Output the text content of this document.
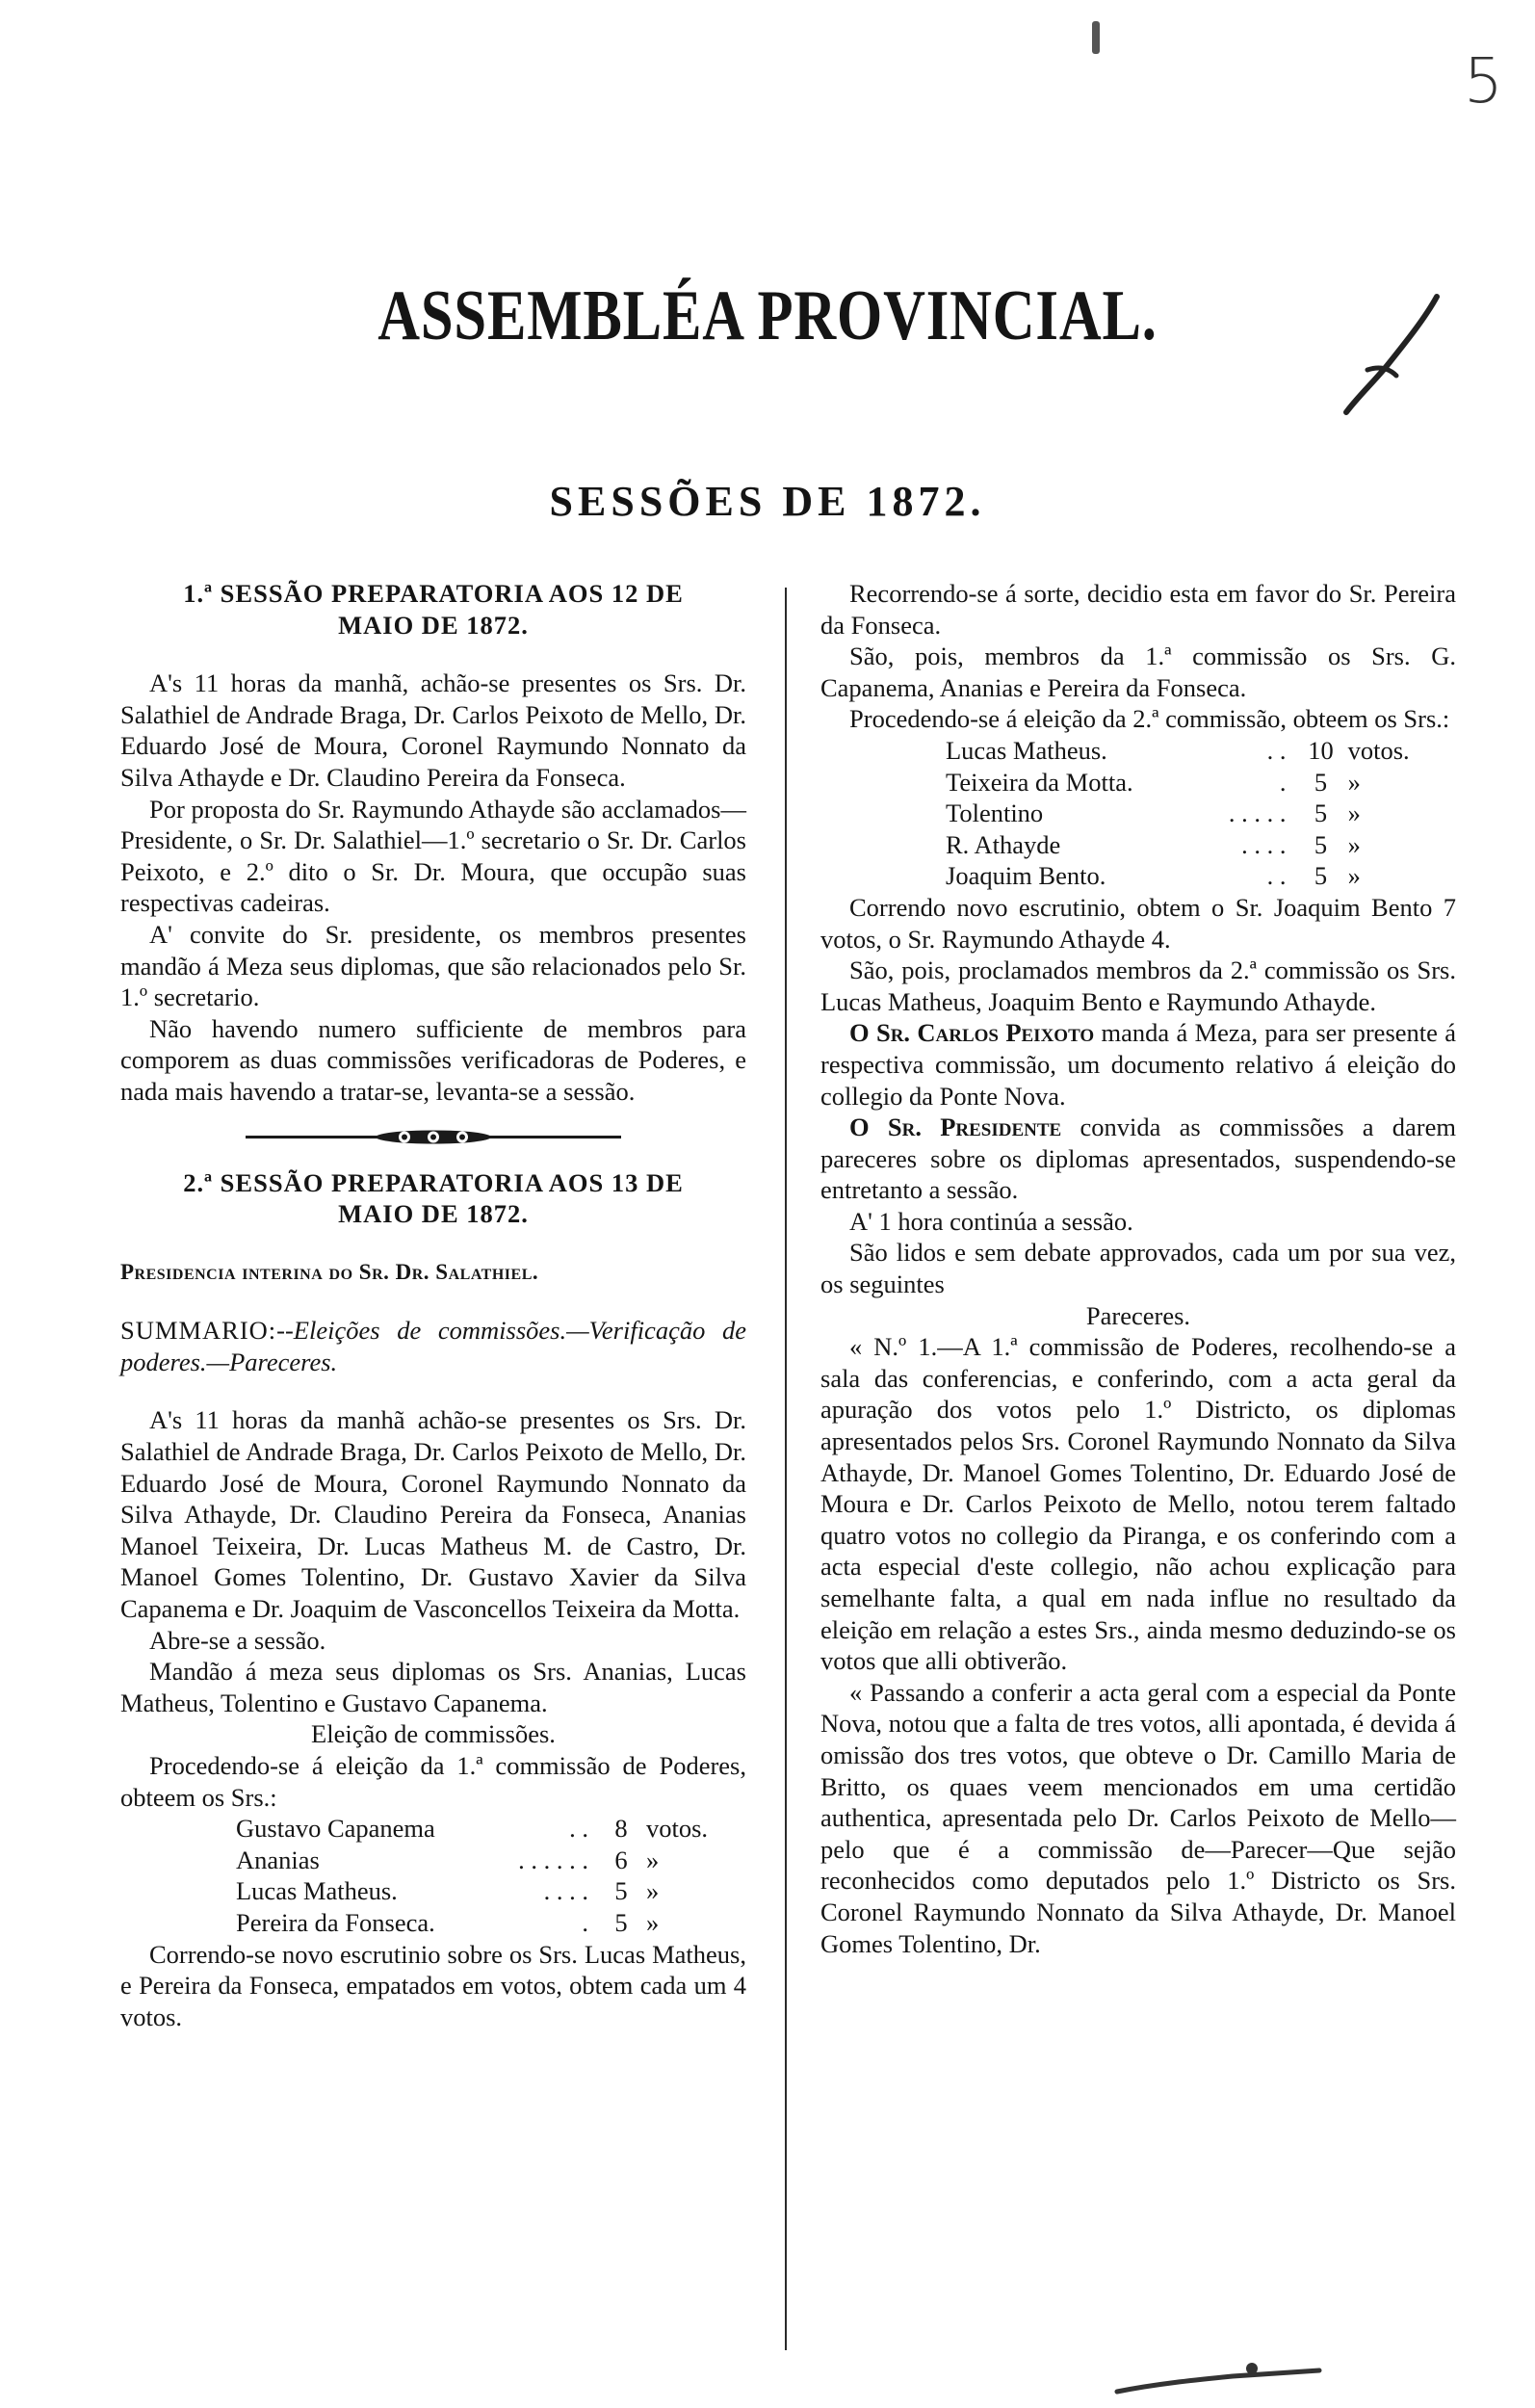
5
ASSEMBLÉA PROVINCIAL.
SESSÕES DE 1872.

1.ª SESSÃO PREPARATORIA AOS 12 DE
MAIO DE 1872.

A's 11 horas da manhã, achão-se presentes os Srs. Dr. Salathiel de Andrade Braga, Dr. Carlos Peixoto de Mello, Dr. Eduardo José de Moura, Coronel Raymundo Nonnato da Silva Athayde e Dr. Claudino Pereira da Fonseca.

Por proposta do Sr. Raymundo Athayde são acclamados—Presidente, o Sr. Dr. Salathiel—1.º secretario o Sr. Dr. Carlos Peixoto, e 2.º dito o Sr. Dr. Moura, que occupão suas respectivas cadeiras.

A' convite do Sr. presidente, os membros presentes mandão á Meza seus diplomas, que são relacionados pelo Sr. 1.º secretario.

Não havendo numero sufficiente de membros para comporem as duas commissões verificadoras de Poderes, e nada mais havendo a tratar-se, levanta-se a sessão.

2.ª SESSÃO PREPARATORIA AOS 13 DE
MAIO DE 1872.

Presidencia interina do Sr. Dr. Salathiel.

SUMMARIO:--Eleições de commissões.—Verificação de poderes.—Pareceres.

A's 11 horas da manhã achão-se presentes os Srs. Dr. Salathiel de Andrade Braga, Dr. Carlos Peixoto de Mello, Dr. Eduardo José de Moura, Coronel Raymundo Nonnato da Silva Athayde, Dr. Claudino Pereira da Fonseca, Ananias Manoel Teixeira, Dr. Lucas Matheus M. de Castro, Dr. Manoel Gomes Tolentino, Dr. Gustavo Xavier da Silva Capanema e Dr. Joaquim de Vasconcellos Teixeira da Motta.

Abre-se a sessão.

Mandão á meza seus diplomas os Srs. Ananias, Lucas Matheus, Tolentino e Gustavo Capanema.

Eleição de commissões.

Procedendo-se á eleição da 1.ª commissão de Poderes, obteem os Srs.:

Gustavo Capanema	. .	8	votos.
Ananias	. . . . . .	6	»
Lucas Matheus.	. . . .	5	»
Pereira da Fonseca.	.	5	»

Correndo-se novo escrutinio sobre os Srs. Lucas Matheus, e Pereira da Fonseca, empatados em votos, obtem cada um 4 votos.

Recorrendo-se á sorte, decidio esta em favor do Sr. Pereira da Fonseca.

São, pois, membros da 1.ª commissão os Srs. G. Capanema, Ananias e Pereira da Fonseca.

Procedendo-se á eleição da 2.ª commissão, obteem os Srs.:

Lucas Matheus.	. .	10	votos.
Teixeira da Motta.	.	5	»
Tolentino	. . . . .	5	»
R. Athayde	. . . .	5	»
Joaquim Bento.	. .	5	»

Correndo novo escrutinio, obtem o Sr. Joaquim Bento 7 votos, o Sr. Raymundo Athayde 4.

São, pois, proclamados membros da 2.ª commissão os Srs. Lucas Matheus, Joaquim Bento e Raymundo Athayde.

O Sr. Carlos Peixoto manda á Meza, para ser presente á respectiva commissão, um documento relativo á eleição do collegio da Ponte Nova.

O Sr. Presidente convida as commissões a darem pareceres sobre os diplomas apresentados, suspendendo-se entretanto a sessão.

A' 1 hora continúa a sessão.

São lidos e sem debate approvados, cada um por sua vez, os seguintes

Pareceres.

« N.º 1.—A 1.ª commissão de Poderes, recolhendo-se a sala das conferencias, e conferindo, com a acta geral da apuração dos votos pelo 1.º Districto, os diplomas apresentados pelos Srs. Coronel Raymundo Nonnato da Silva Athayde, Dr. Manoel Gomes Tolentino, Dr. Eduardo José de Moura e Dr. Carlos Peixoto de Mello, notou terem faltado quatro votos no collegio da Piranga, e os conferindo com a acta especial d'este collegio, não achou explicação para semelhante falta, a qual em nada influe no resultado da eleição em relação a estes Srs., ainda mesmo deduzindo-se os votos que alli obtiverão.

« Passando a conferir a acta geral com a especial da Ponte Nova, notou que a falta de tres votos, alli apontada, é devida á omissão dos tres votos, que obteve o Dr. Camillo Maria de Britto, os quaes veem mencionados em uma certidão authentica, apresentada pelo Dr. Carlos Peixoto de Mello—pelo que é a commissão de—Parecer—Que sejão reconhecidos como deputados pelo 1.º Districto os Srs. Coronel Raymundo Nonnato da Silva Athayde, Dr. Manoel Gomes Tolentino, Dr.
